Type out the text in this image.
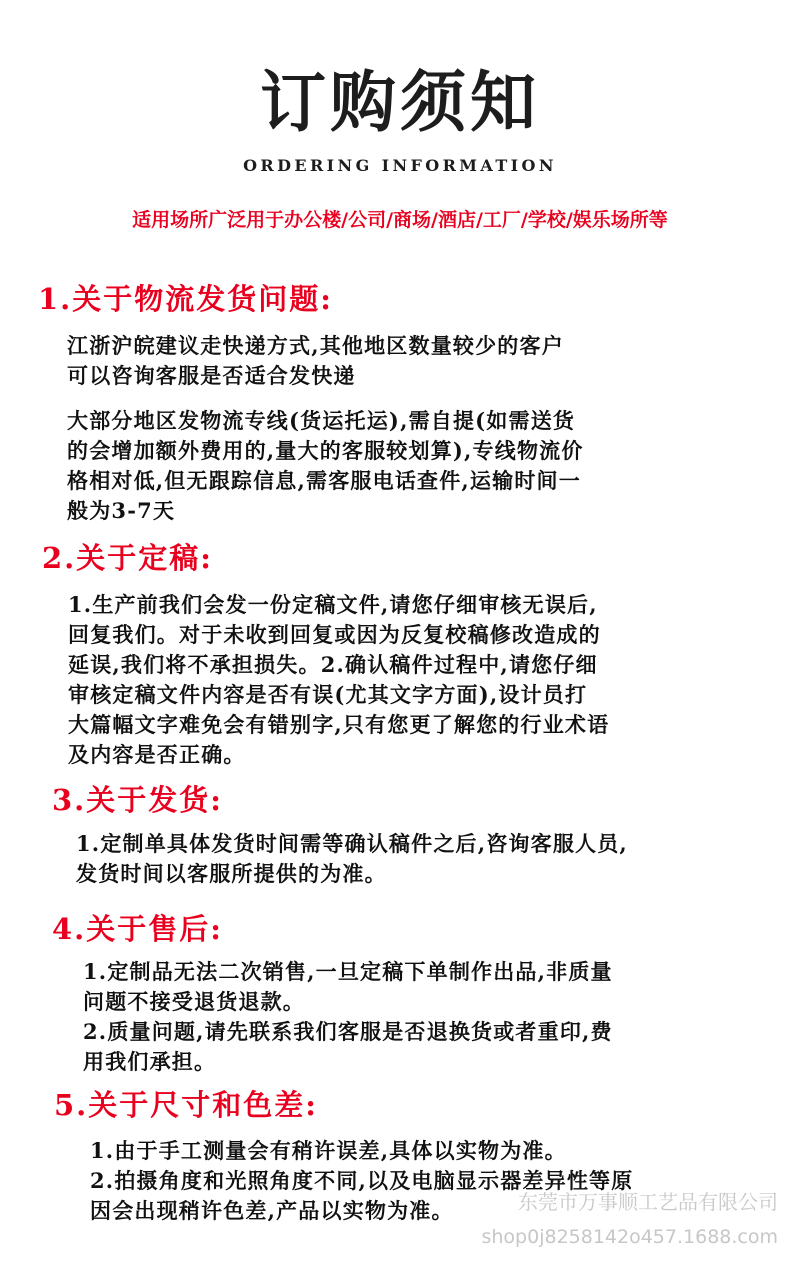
订购须知
ORDERING INFORMATION
适用场所广泛用于办公楼/公司/商场/酒店/工厂/学校/娱乐场所等
1.关于物流发货问题:
江浙沪皖建议走快递方式,其他地区数量较少的客户
可以咨询客服是否适合发快递
大部分地区发物流专线(货运托运),需自提(如需送货
的会增加额外费用的,量大的客服较划算),专线物流价
格相对低,但无跟踪信息,需客服电话查件,运输时间一
般为3-7天
2.关于定稿:
1.生产前我们会发一份定稿文件,请您仔细审核无误后,
回复我们。对于未收到回复或因为反复校稿修改造成的
延误,我们将不承担损失。2.确认稿件过程中,请您仔细
审核定稿文件内容是否有误(尤其文字方面),设计员打
大篇幅文字难免会有错别字,只有您更了解您的行业术语
及内容是否正确。
3.关于发货:
1.定制单具体发货时间需等确认稿件之后,咨询客服人员,
发货时间以客服所提供的为准。
4.关于售后:
1.定制品无法二次销售,一旦定稿下单制作出品,非质量
问题不接受退货退款。
2.质量问题,请先联系我们客服是否退换货或者重印,费
用我们承担。
5.关于尺寸和色差:
1.由于手工测量会有稍许误差,具体以实物为准。
2.拍摄角度和光照角度不同,以及电脑显示器差异性等原
因会出现稍许色差,产品以实物为准。	东莞市万事顺工艺品有限公司
shop0j8258142o457.1688.com
